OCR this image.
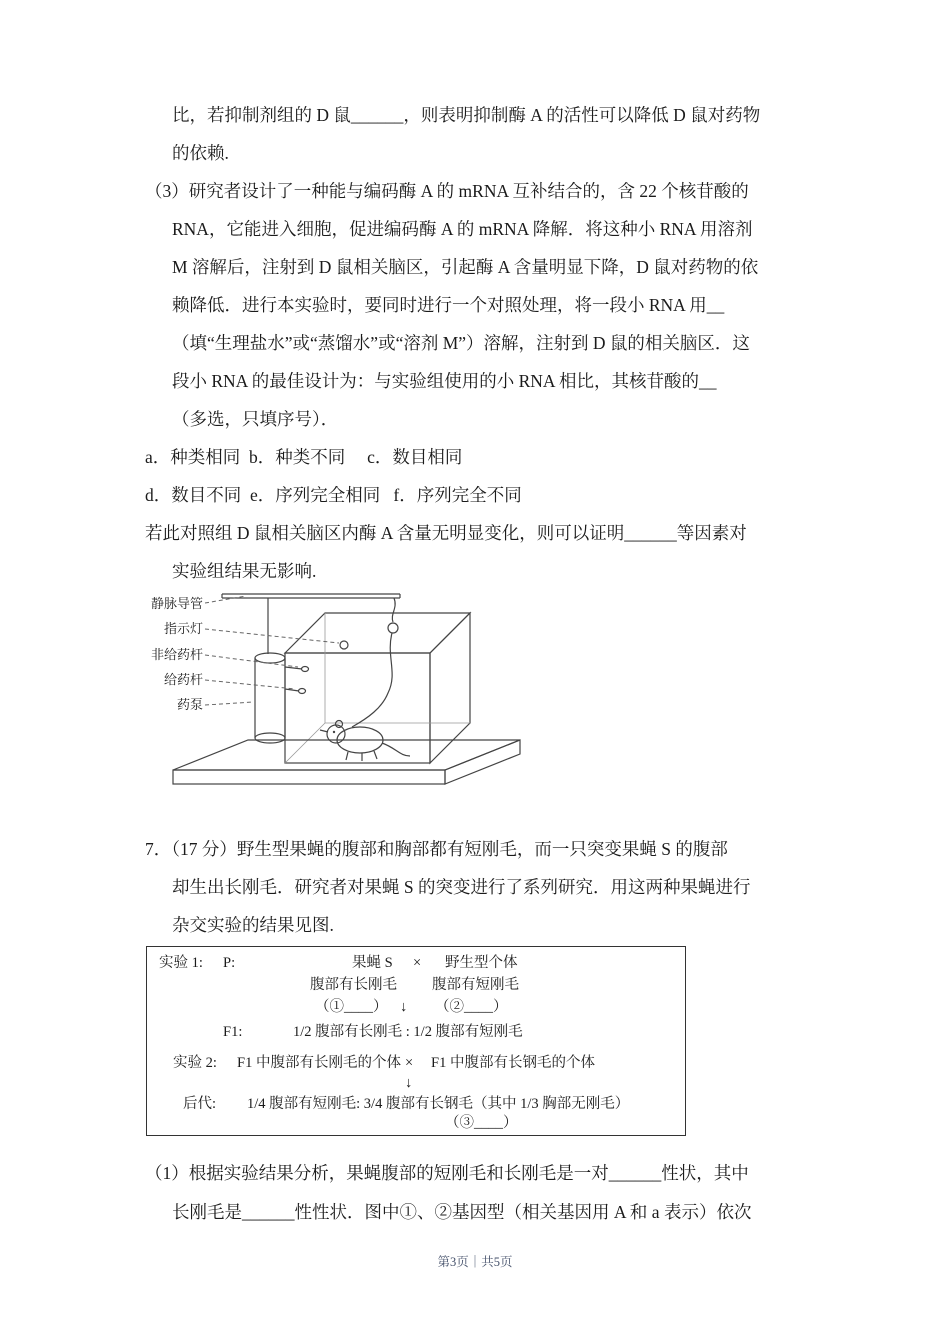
比，若抑制剂组的 D 鼠______，则表明抑制酶 A 的活性可以降低 D 鼠对药物
的依赖.
（3）研究者设计了一种能与编码酶 A 的 mRNA 互补结合的，含 22 个核苷酸的
RNA，它能进入细胞，促进编码酶 A 的 mRNA 降解．将这种小 RNA 用溶剂
M 溶解后，注射到 D 鼠相关脑区，引起酶 A 含量明显下降，D 鼠对药物的依
赖降低．进行本实验时，要同时进行一个对照处理，将一段小 RNA 用__
（填“生理盐水”或“蒸馏水”或“溶剂 M”）溶解，注射到 D 鼠的相关脑区．这
段小 RNA 的最佳设计为：与实验组使用的小 RNA 相比，其核苷酸的__
（多选，只填序号）．
a．种类相同  b．种类不同     c．数目相同
d．数目不同  e．序列完全相同   f．序列完全不同
若此对照组 D 鼠相关脑区内酶 A 含量无明显变化，则可以证明______等因素对
实验组结果无影响.
静脉导管
指示灯
非给药杆
给药杆
药泵
7．（17 分）野生型果蝇的腹部和胸部都有短刚毛，而一只突变果蝇 S 的腹部
却生出长刚毛．研究者对果蝇 S 的突变进行了系列研究．用这两种果蝇进行
杂交实验的结果见图.
实验 1: P:	果蝇 S × 野生型个体
腹部有长刚毛 腹部有短刚毛
（①____） ↓ （②____）
F1:	1/2 腹部有长刚毛 : 1/2 腹部有短刚毛
实验 2: F1 中腹部有长刚毛的个体 × F1 中腹部有长钢毛的个体
↓
后代: 1/4 腹部有短刚毛: 3/4 腹部有长钢毛（其中 1/3 胸部无刚毛）
（③____）
（1）根据实验结果分析，果蝇腹部的短刚毛和长刚毛是一对______性状，其中
长刚毛是______性性状．图中①、②基因型（相关基因用 A 和 a 表示）依次
第3页｜共5页
